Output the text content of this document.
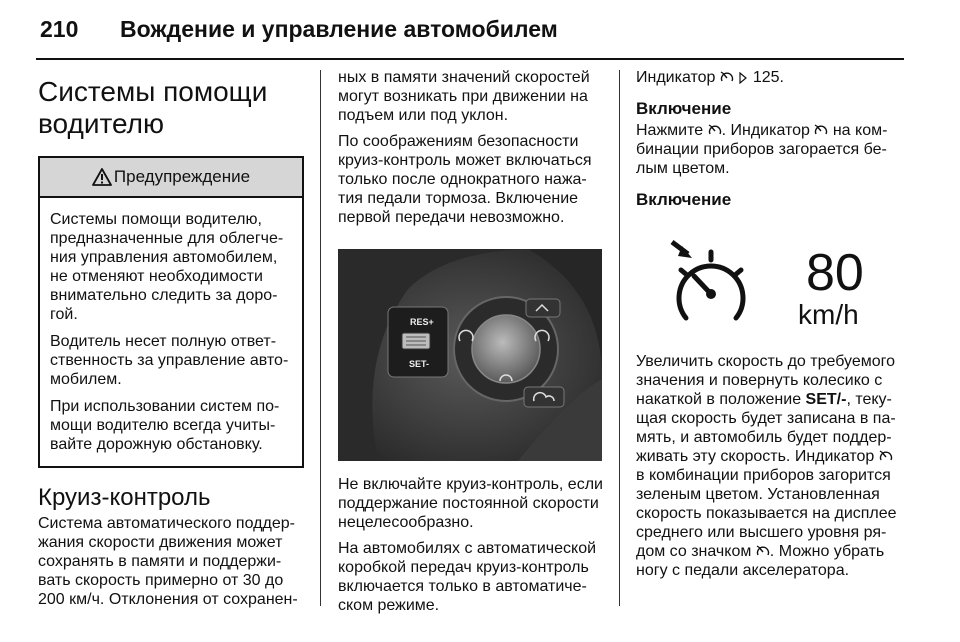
210 Вождение и управление автомобилем
Системы помощи
водителю
Предупреждение

Системы помощи водителю, предназначенные для облегче-ния управления автомобилем, не отменяют необходимости внимательно следить за доро-гой.

Водитель несет полную ответ-ственность за управление авто-мобилем.

При использовании систем по-мощи водителю всегда учиты-вайте дорожную обстановку.

Круиз-контроль

Система автоматического поддер-жания скорости движения может сохранять в памяти и поддержи-вать скорость примерно от 30 до 200 км/ч. Отклонения от сохранен-

ных в памяти значений скоростей могут возникать при движении на подъем или под уклон.

По соображениям безопасности круиз-контроль может включаться только после однократного нажа-тия педали тормоза. Включение первой передачи невозможно.

RES+
SET-

Не включайте круиз-контроль, если поддержание постоянной скорости нецелесообразно.

На автомобилях с автоматической коробкой передач круиз-контроль включается только в автоматиче-ском режиме.

Индикатор 125.

Включение

Нажмите . Индикатор на ком-бинации приборов загорается бе-лым цветом.

Включение
80
km/h

Увеличить скорость до требуемого значения и повернуть колесико с накаткой в положение SET/-, теку-щая скорость будет записана в па-мять, и автомобиль будет поддер-живать эту скорость. Индикатор  в комбинации приборов загорится зеленым цветом. Установленная скорость показывается на дисплее среднего или высшего уровня ря-дом со значком . Можно убрать ногу с педали акселератора.
